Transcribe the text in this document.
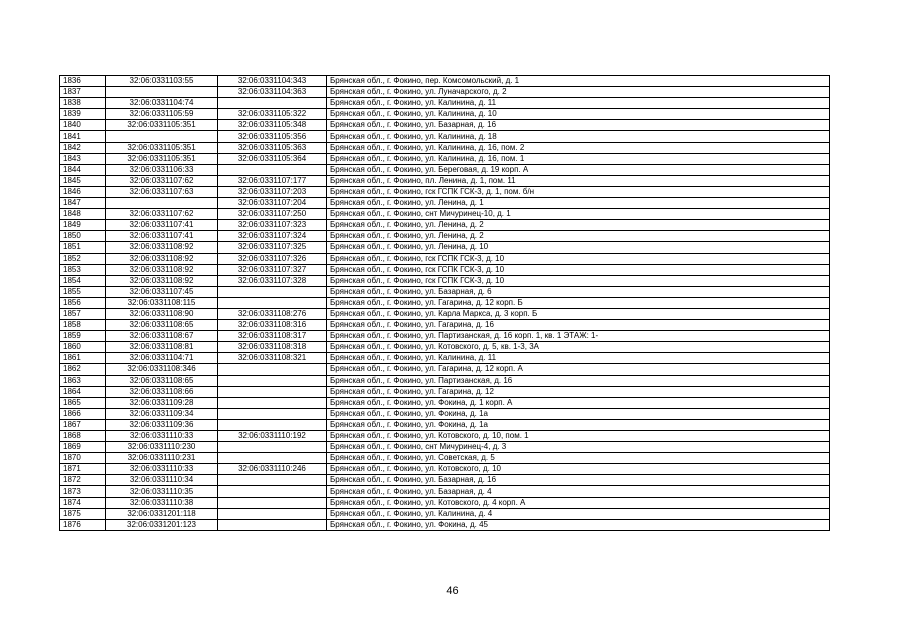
1836	32:06:0331103:55	32:06:0331104:343	Брянская обл., г. Фокино, пер. Комсомольский, д. 1
1837		32:06:0331104:363	Брянская обл., г. Фокино, ул. Луначарского, д. 2
1838	32:06:0331104:74		Брянская обл., г. Фокино, ул. Калинина, д. 11
1839	32:06:0331105:59	32:06:0331105:322	Брянская обл., г. Фокино, ул. Калинина, д. 10
1840	32:06:0331105:351	32:06:0331105:348	Брянская обл., г. Фокино, ул. Базарная, д. 16
1841		32:06:0331105:356	Брянская обл., г. Фокино, ул. Калинина, д. 18
1842	32:06:0331105:351	32:06:0331105:363	Брянская обл., г. Фокино, ул. Калинина, д. 16, пом. 2
1843	32:06:0331105:351	32:06:0331105:364	Брянская обл., г. Фокино, ул. Калинина, д. 16, пом. 1
1844	32:06:0331106:33		Брянская обл., г. Фокино, ул. Береговая, д. 19 корп. А
1845	32:06:0331107:62	32:06:0331107:177	Брянская обл., г. Фокино, пл. Ленина, д. 1, пом. 11
1846	32:06:0331107:63	32:06:0331107:203	Брянская обл., г. Фокино, гск ГСПК ГСК-3, д. 1, пом. б/н
1847		32:06:0331107:204	Брянская обл., г. Фокино, ул. Ленина, д. 1
1848	32:06:0331107:62	32:06:0331107:250	Брянская обл., г. Фокино, снт Мичуринец-10, д. 1
1849	32:06:0331107:41	32:06:0331107:323	Брянская обл., г. Фокино, ул. Ленина, д. 2
1850	32:06:0331107:41	32:06:0331107:324	Брянская обл., г. Фокино, ул. Ленина, д. 2
1851	32:06:0331108:92	32:06:0331107:325	Брянская обл., г. Фокино, ул. Ленина, д. 10
1852	32:06:0331108:92	32:06:0331107:326	Брянская обл., г. Фокино, гск ГСПК ГСК-3, д. 10
1853	32:06:0331108:92	32:06:0331107:327	Брянская обл., г. Фокино, гск ГСПК ГСК-3, д. 10
1854	32:06:0331108:92	32:06:0331107:328	Брянская обл., г. Фокино, гск ГСПК ГСК-3, д. 10
1855	32:06:0331107:45		Брянская обл., г. Фокино, ул. Базарная, д. 6
1856	32:06:0331108:115		Брянская обл., г. Фокино, ул. Гагарина, д. 12 корп. Б
1857	32:06:0331108:90	32:06:0331108:276	Брянская обл., г. Фокино, ул. Карла Маркса, д. 3 корп. Б
1858	32:06:0331108:65	32:06:0331108:316	Брянская обл., г. Фокино, ул. Гагарина, д. 16
1859	32:06:0331108:67	32:06:0331108:317	Брянская обл., г. Фокино, ул. Партизанская, д. 16 корп. 1, кв. 1 ЭТАЖ: 1-
1860	32:06:0331108:81	32:06:0331108:318	Брянская обл., г. Фокино, ул. Котовского, д. 5, кв. 1-3, 3А
1861	32:06:0331104:71	32:06:0331108:321	Брянская обл., г. Фокино, ул. Калинина, д. 11
1862	32:06:0331108:346		Брянская обл., г. Фокино, ул. Гагарина, д. 12 корп. А
1863	32:06:0331108:65		Брянская обл., г. Фокино, ул. Партизанская, д. 16
1864	32:06:0331108:66		Брянская обл., г. Фокино, ул. Гагарина, д. 12
1865	32:06:0331109:28		Брянская обл., г. Фокино, ул. Фокина, д. 1 корп. А
1866	32:06:0331109:34		Брянская обл., г. Фокино, ул. Фокина, д. 1а
1867	32:06:0331109:36		Брянская обл., г. Фокино, ул. Фокина, д. 1а
1868	32:06:0331110:33	32:06:0331110:192	Брянская обл., г. Фокино, ул. Котовского, д. 10, пом. 1
1869	32:06:0331110:230		Брянская обл., г. Фокино, снт Мичуринец-4, д. 3
1870	32:06:0331110:231		Брянская обл., г. Фокино, ул. Советская, д. 5
1871	32:06:0331110:33	32:06:0331110:246	Брянская обл., г. Фокино, ул. Котовского, д. 10
1872	32:06:0331110:34		Брянская обл., г. Фокино, ул. Базарная, д. 16
1873	32:06:0331110:35		Брянская обл., г. Фокино, ул. Базарная, д. 4
1874	32:06:0331110:38		Брянская обл., г. Фокино, ул. Котовского, д. 4 корп. А
1875	32:06:0331201:118		Брянская обл., г. Фокино, ул. Калинина, д. 4
1876	32:06:0331201:123		Брянская обл., г. Фокино, ул. Фокина, д. 45
46
